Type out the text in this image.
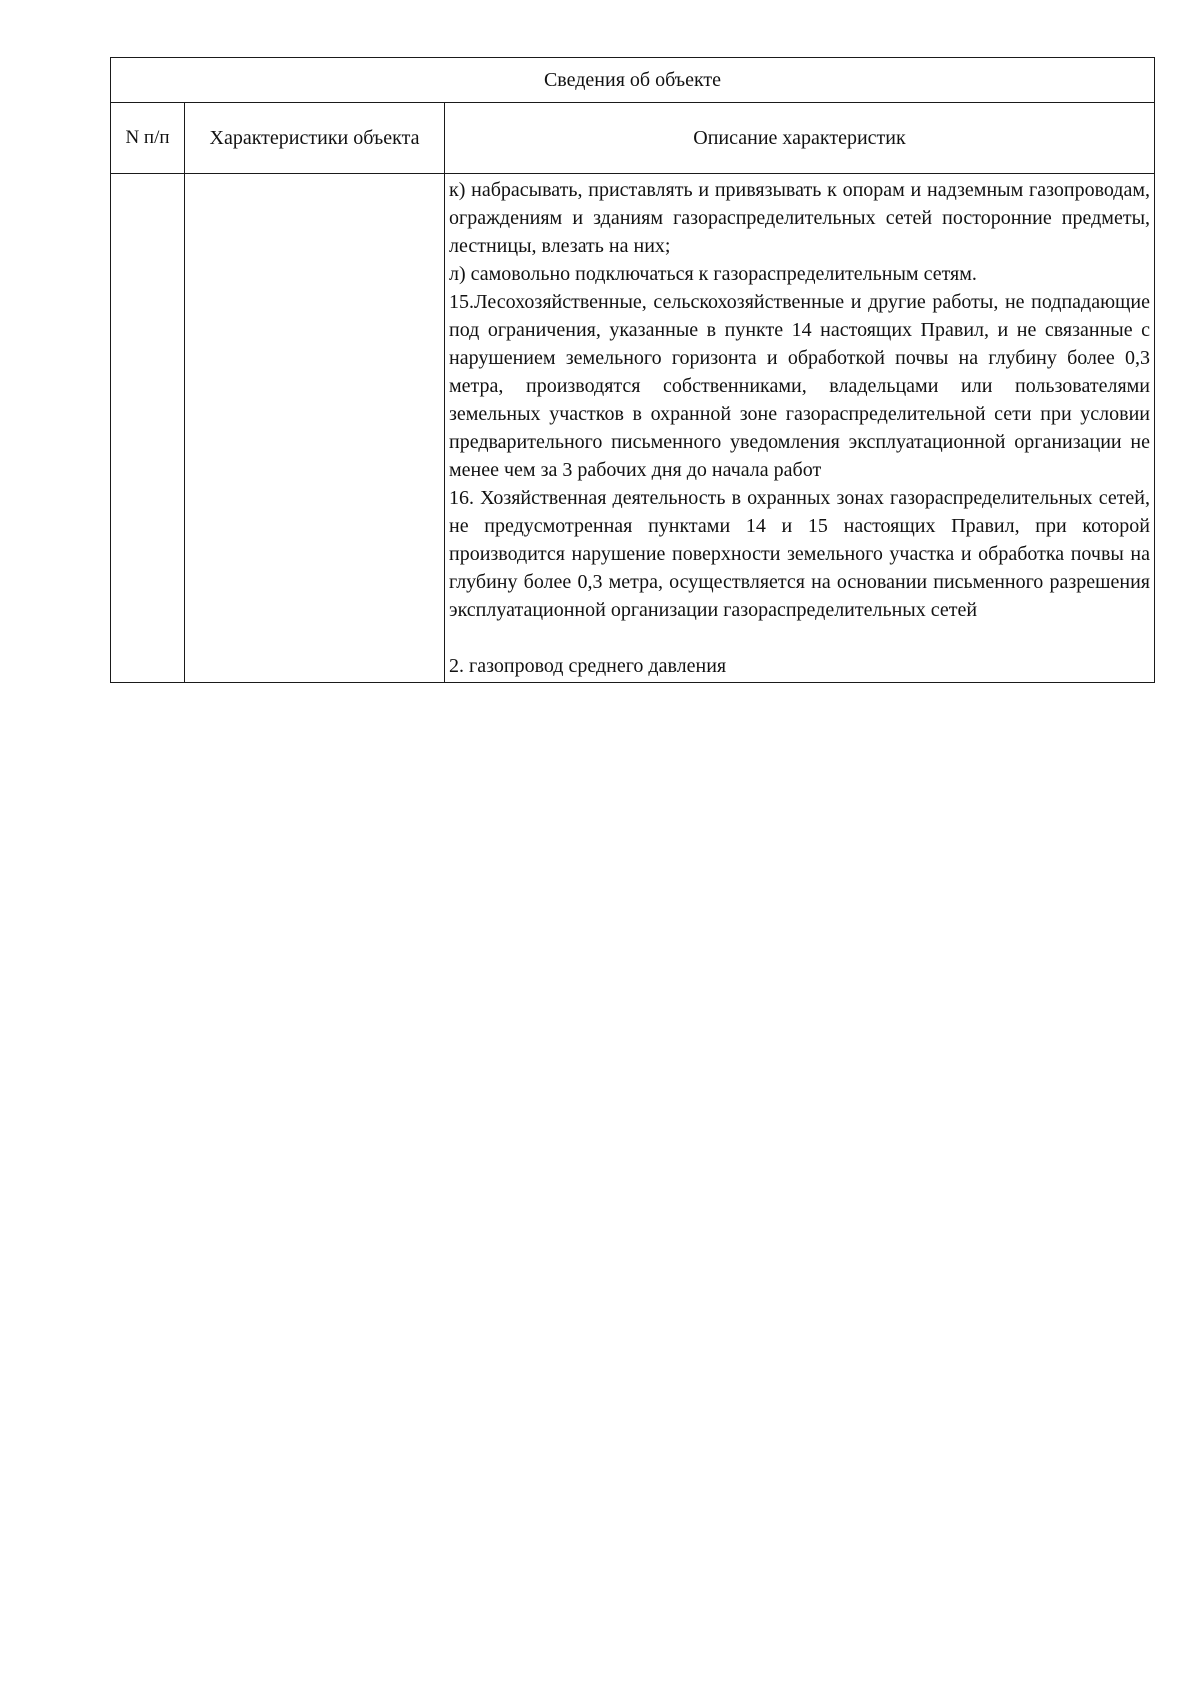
Сведения об объекте		
N п/п	Характеристики объекта	Описание характеристик

		к) набрасывать, приставлять и привязывать к опорам и надземным газопроводам, ограждениям и зданиям газораспределительных сетей посторонние предметы, лестницы, влезать на них;

л) самовольно подключаться к газораспределительным сетям.

15.Лесохозяйственные, сельскохозяйственные и другие работы, не подпадающие под ограничения, указанные в пункте 14 настоящих Правил, и не связанные с нарушением земельного горизонта и обработкой почвы на глубину более 0,3 метра, производятся собственниками, владельцами или пользователями земельных участков в охранной зоне газораспределительной сети при условии предварительного письменного уведомления эксплуатационной организации не менее чем за 3 рабочих дня до начала работ

16. Хозяйственная деятельность в охранных зонах газораспределительных сетей, не предусмотренная пунктами 14 и 15 настоящих Правил, при которой производится нарушение поверхности земельного участка и обработка почвы на глубину более 0,3 метра, осуществляется на основании письменного разрешения эксплуатационной организации газораспределительных сетей

2. газопровод среднего давления
